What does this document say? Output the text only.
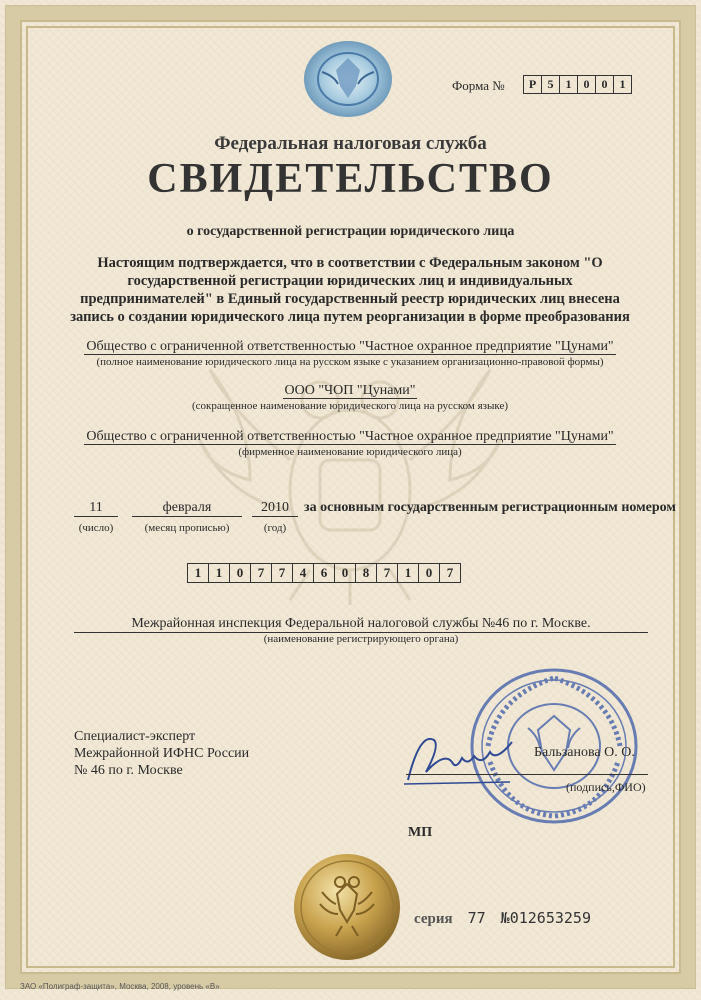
Форма №	Р 5	1	0	0	1
Федеральная налоговая служба
СВИДЕТЕЛЬСТВО
о государственной регистрации юридического лица
Настоящим подтверждается, что в соответствии с Федеральным законом "О государственной регистрации юридических лиц и индивидуальных предпринимателей" в Единый государственный реестр юридических лиц внесена запись о создании юридического лица путем реорганизации в форме преобразования
Общество с ограниченной ответственностью "Частное охранное предприятие "Цунами"
(полное наименование юридического лица на русском языке с указанием организационно-правовой формы)
ООО "ЧОП "Цунами"
(сокращенное наименование юридического лица на русском языке)
Общество с ограниченной ответственностью "Частное охранное предприятие "Цунами"
(фирменное наименование юридического лица)
11	февраля	2010	за основным государственным регистрационным номером
(число)	(месяц прописью)	(год)
1	1	0	7	7	4	6	0	8	7	1	0	7
Межрайонная инспекция Федеральной налоговой службы №46 по г. Москве.
(наименование регистрирующего органа)
Специалист-эксперт
Межрайонной ИФНС России
№ 46 по г. Москве
Бальзанова О. О.
(подпись,ФИО)
МП
серия 77 №012653259
ЗАО «Полиграф-защита», Москва, 2008, уровень «В»
